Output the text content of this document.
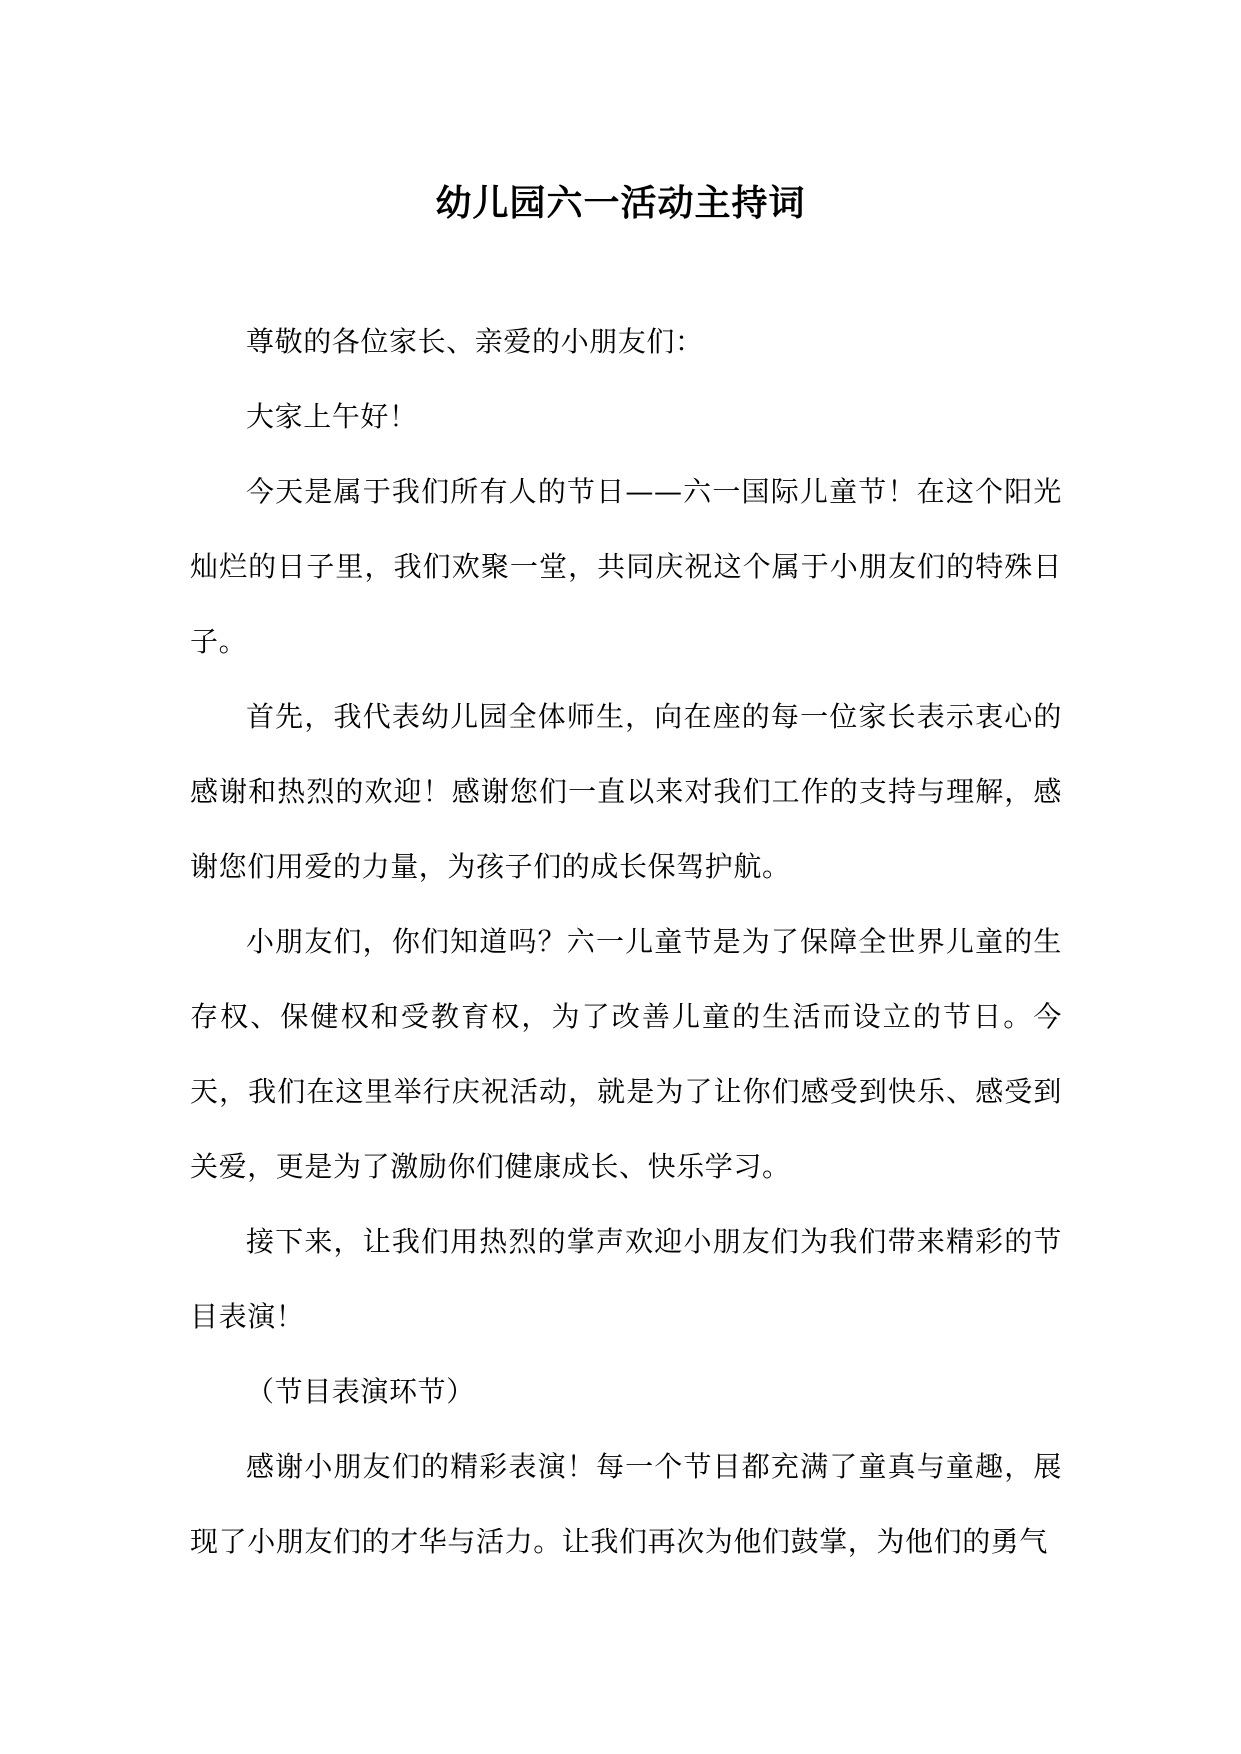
幼儿园六一活动主持词

尊敬的各位家长、亲爱的小朋友们：

大家上午好！

今天是属于我们所有人的节日——六一国际儿童节！在这个阳光灿烂的日子里，我们欢聚一堂，共同庆祝这个属于小朋友们的特殊日子。

首先，我代表幼儿园全体师生，向在座的每一位家长表示衷心的感谢和热烈的欢迎！感谢您们一直以来对我们工作的支持与理解，感谢您们用爱的力量，为孩子们的成长保驾护航。

小朋友们，你们知道吗？六一儿童节是为了保障全世界儿童的生存权、保健权和受教育权，为了改善儿童的生活而设立的节日。今天，我们在这里举行庆祝活动，就是为了让你们感受到快乐、感受到关爱，更是为了激励你们健康成长、快乐学习。

接下来，让我们用热烈的掌声欢迎小朋友们为我们带来精彩的节目表演！

（节目表演环节）

感谢小朋友们的精彩表演！每一个节目都充满了童真与童趣，展现了小朋友们的才华与活力。让我们再次为他们鼓掌，为他们的勇气
